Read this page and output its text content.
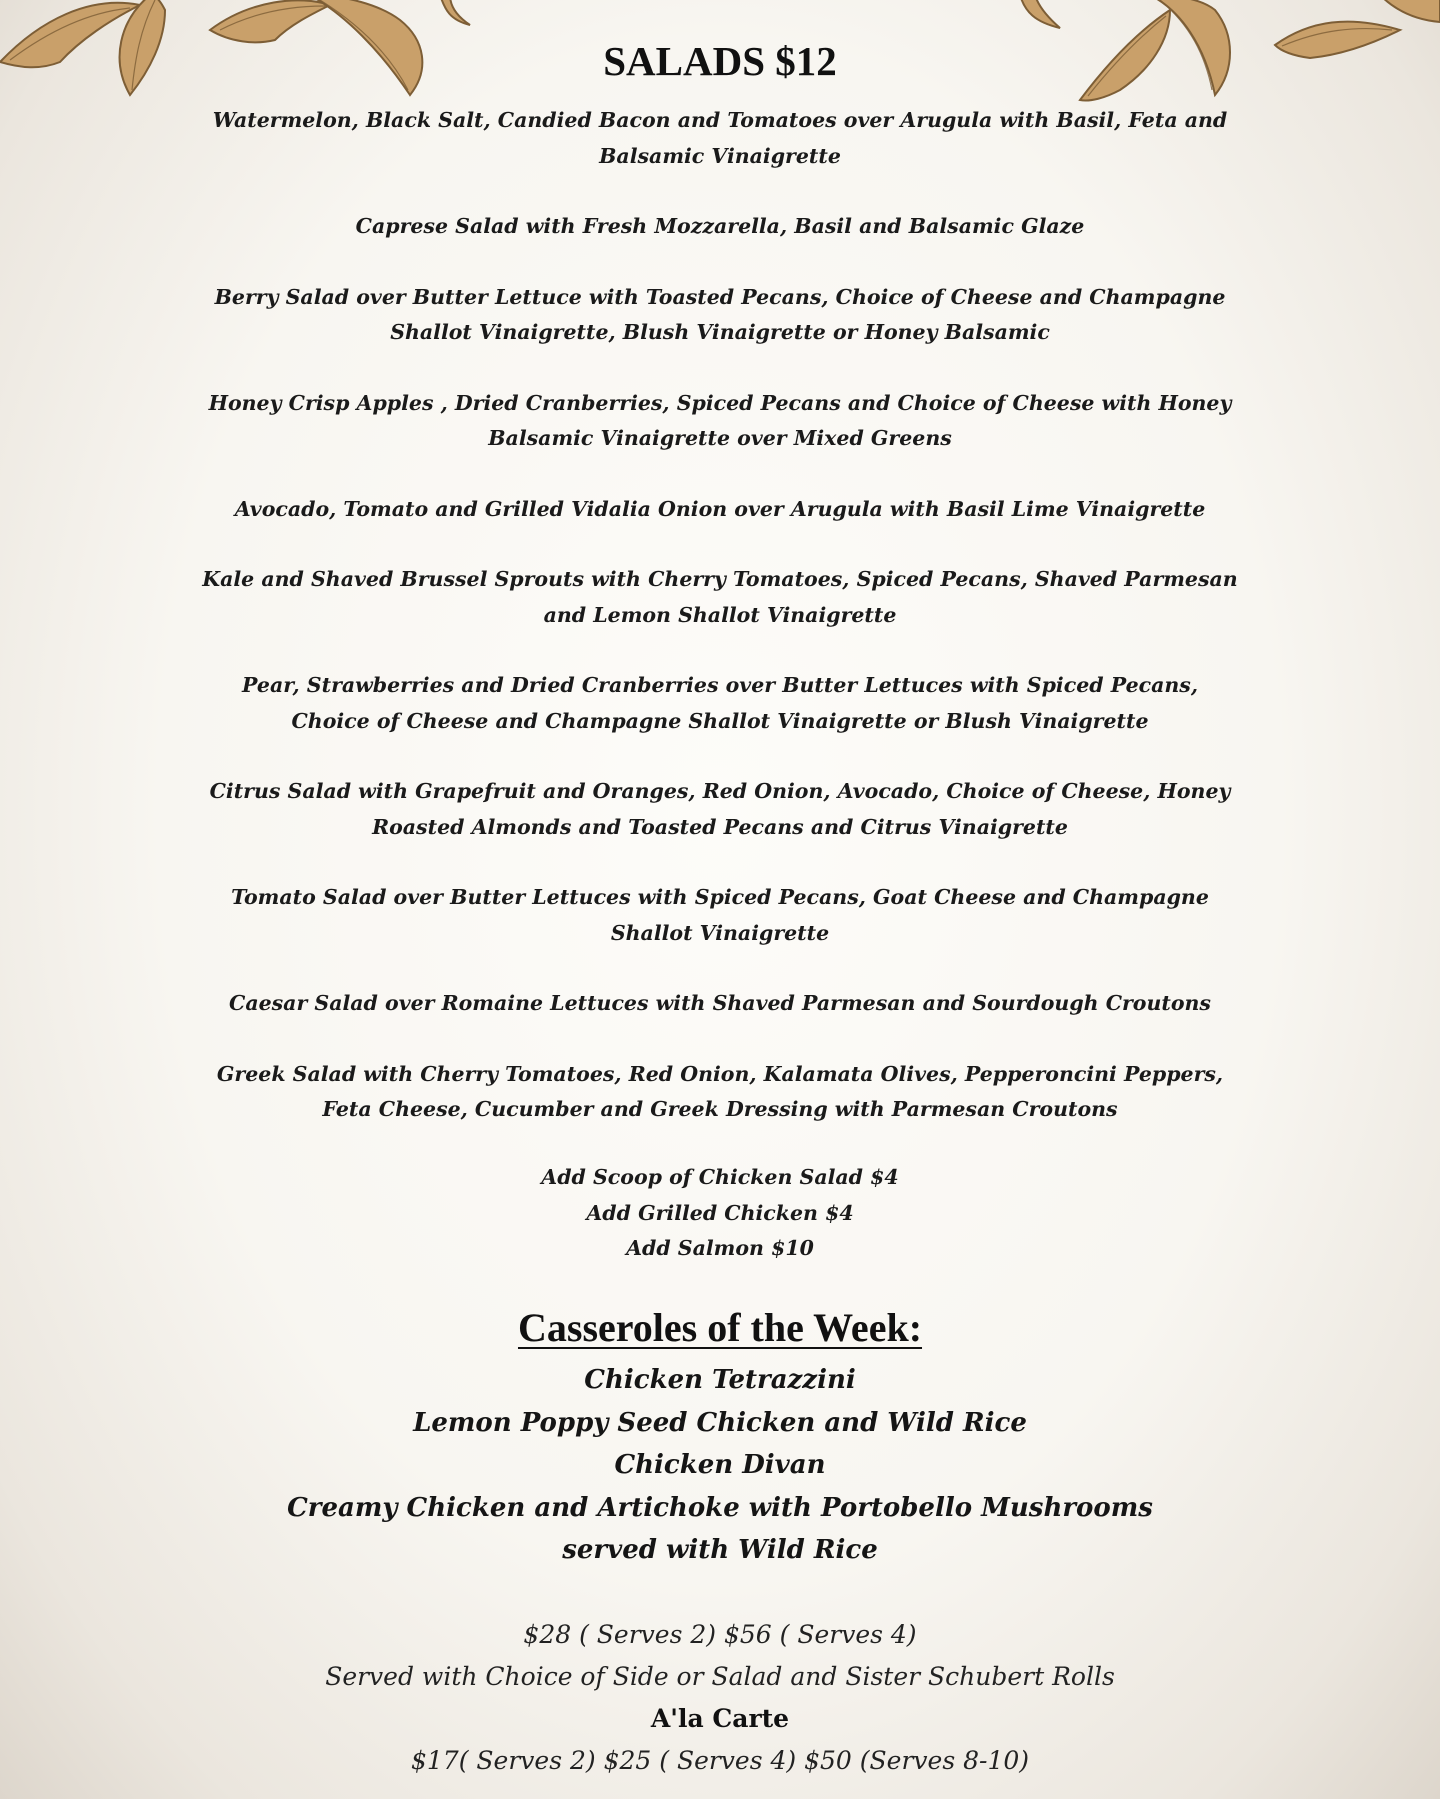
SALADS $12
Watermelon, Black Salt, Candied Bacon and Tomatoes over Arugula with Basil, Feta and Balsamic Vinaigrette
Caprese Salad with Fresh Mozzarella, Basil and Balsamic Glaze
Berry Salad over Butter Lettuce with Toasted Pecans, Choice of Cheese and Champagne Shallot Vinaigrette, Blush Vinaigrette or Honey Balsamic
Honey Crisp Apples , Dried Cranberries, Spiced Pecans and Choice of Cheese with Honey Balsamic Vinaigrette over Mixed Greens
Avocado, Tomato and Grilled Vidalia Onion over Arugula with Basil Lime Vinaigrette
Kale and Shaved Brussel Sprouts with Cherry Tomatoes, Spiced Pecans, Shaved Parmesan and Lemon Shallot Vinaigrette
Pear, Strawberries and Dried Cranberries over Butter Lettuces with Spiced Pecans, Choice of Cheese and Champagne Shallot Vinaigrette or Blush Vinaigrette
Citrus Salad with Grapefruit and Oranges, Red Onion, Avocado, Choice of Cheese, Honey Roasted Almonds and Toasted Pecans and Citrus Vinaigrette
Tomato Salad over Butter Lettuces with Spiced Pecans, Goat Cheese and Champagne Shallot Vinaigrette
Caesar Salad over Romaine Lettuces with Shaved Parmesan and Sourdough Croutons
Greek Salad with Cherry Tomatoes, Red Onion, Kalamata Olives, Pepperoncini Peppers, Feta Cheese, Cucumber and Greek Dressing with Parmesan Croutons
Add Scoop of Chicken Salad $4
Add Grilled Chicken $4
Add Salmon $10
Casseroles of the Week:
Chicken Tetrazzini
Lemon Poppy Seed Chicken and Wild Rice
Chicken Divan
Creamy Chicken and Artichoke with Portobello Mushrooms
served with Wild Rice
$28 ( Serves 2) $56 ( Serves 4)
Served with Choice of Side or Salad and Sister Schubert Rolls
A'la Carte
$17( Serves 2) $25 ( Serves 4) $50 (Serves 8-10)
